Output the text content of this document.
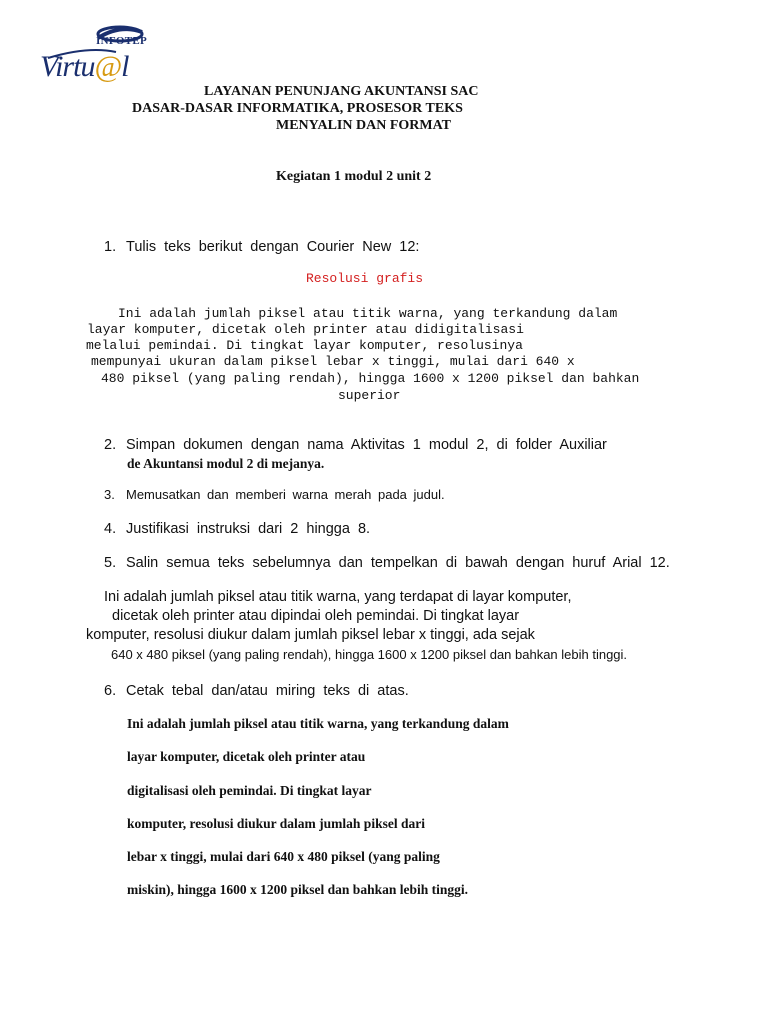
INFOTEP
Virtu@l
LAYANAN PENUNJANG AKUNTANSI SAC
DASAR-DASAR INFORMATIKA, PROSESOR TEKS
MENYALIN DAN FORMAT
Kegiatan 1 modul 2 unit 2
1. Tulis teks berikut dengan Courier New 12:
Resolusi grafis
Ini adalah jumlah piksel atau titik warna, yang terkandung dalam
layar komputer, dicetak oleh printer atau didigitalisasi
melalui pemindai. Di tingkat layar komputer, resolusinya
mempunyai ukuran dalam piksel lebar x tinggi, mulai dari 640 x
480 piksel (yang paling rendah), hingga 1600 x 1200 piksel dan bahkan
superior
2. Simpan dokumen dengan nama Aktivitas 1 modul 2, di folder Auxiliar
de Akuntansi modul 2 di mejanya.
3. Memusatkan dan memberi warna merah pada judul.
4. Justifikasi instruksi dari 2 hingga 8.
5. Salin semua teks sebelumnya dan tempelkan di bawah dengan huruf Arial 12.
Ini adalah jumlah piksel atau titik warna, yang terdapat di layar komputer,
dicetak oleh printer atau dipindai oleh pemindai. Di tingkat layar
komputer, resolusi diukur dalam jumlah piksel lebar x tinggi, ada sejak
640 x 480 piksel (yang paling rendah), hingga 1600 x 1200 piksel dan bahkan lebih tinggi.
6. Cetak tebal dan/atau miring teks di atas.
Ini adalah jumlah piksel atau titik warna, yang terkandung dalam
layar komputer, dicetak oleh printer atau
digitalisasi oleh pemindai. Di tingkat layar
komputer, resolusi diukur dalam jumlah piksel dari
lebar x tinggi, mulai dari 640 x 480 piksel (yang paling
miskin), hingga 1600 x 1200 piksel dan bahkan lebih tinggi.
